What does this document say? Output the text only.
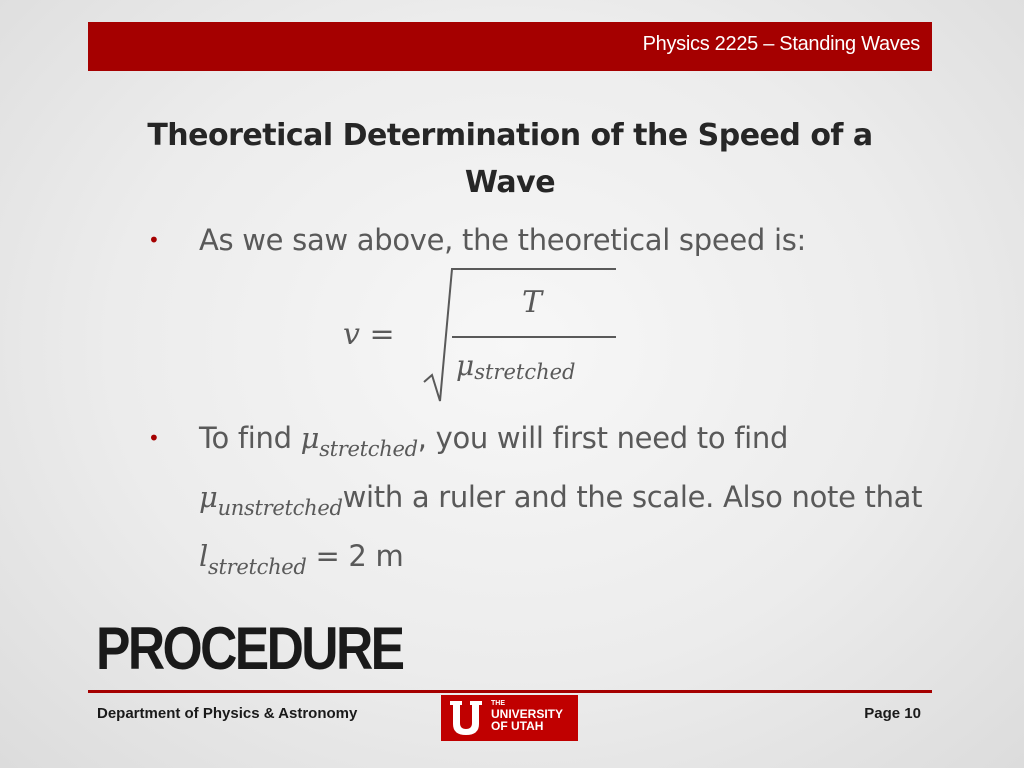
Physics 2225 – Standing Waves
Theoretical Determination of the Speed of a Wave
• As we saw above, the theoretical speed is:
v =
T
μstretched
• To find $\mu_{stretched}$, you will first need to find $\mu_{unstretched}with$ a ruler and the scale. Also note that $l_{stretched} = 2$ m
PROCEDURE
Department of Physics & Astronomy
THE
UNIVERSITY
OF UTAH
Page 10
